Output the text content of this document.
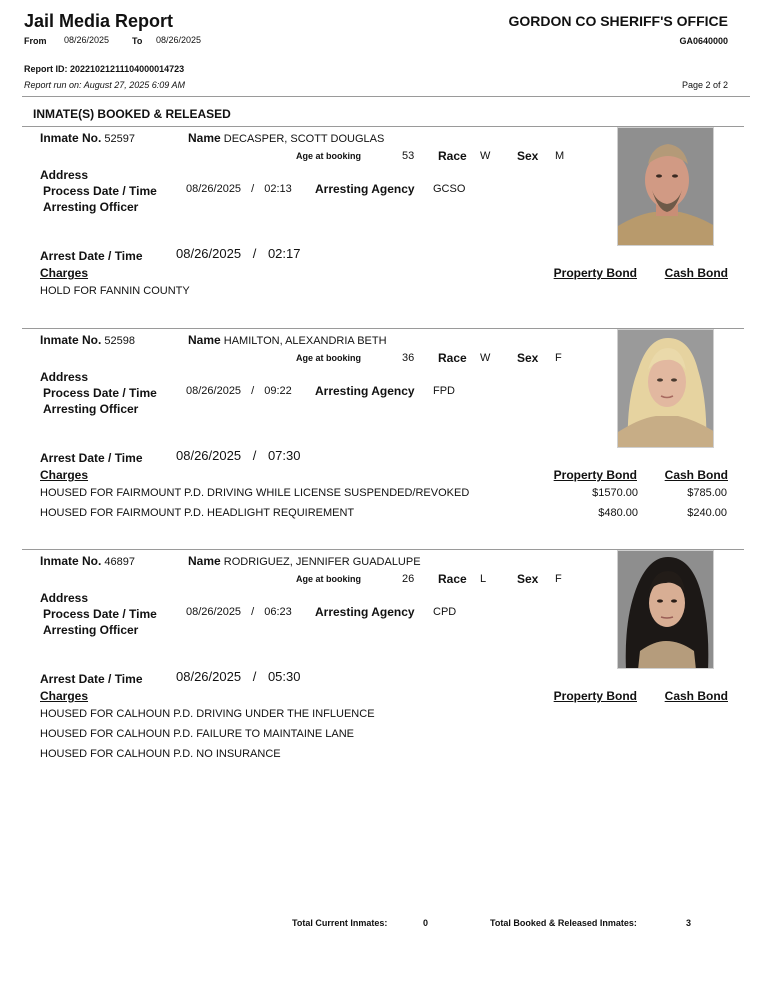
Jail Media Report
From 08/26/2025	To 08/26/2025
GORDON CO SHERIFF'S OFFICE
GA0640000
Report ID: 20221021211104000014723
Report run on: August 27, 2025 6:09 AM	Page 2 of 2
INMATE(S) BOOKED & RELEASED
Inmate No. 52597	Name DECASPER, SCOTT DOUGLAS
Age at booking	53 Race W Sex M
Address
Process Date / Time	08/26/2025 / 02:13 Arresting Agency GCSO
Arresting Officer
Arrest Date / Time	08/26/2025 / 02:17
Charges	Property Bond Cash Bond
HOLD FOR FANNIN COUNTY
Inmate No. 52598	Name HAMILTON, ALEXANDRIA BETH
Age at booking	36 Race W Sex F
Address
Process Date / Time	08/26/2025 / 09:22 Arresting Agency FPD
Arresting Officer
Arrest Date / Time	08/26/2025 / 07:30
Charges	Property Bond Cash Bond
HOUSED FOR FAIRMOUNT P.D. DRIVING WHILE LICENSE SUSPENDED/REVOKED	$1570.00	$785.00
HOUSED FOR FAIRMOUNT P.D. HEADLIGHT REQUIREMENT	$480.00	$240.00
Inmate No. 46897	Name RODRIGUEZ, JENNIFER GUADALUPE
Age at booking	26 Race L	Sex F
Address
Process Date / Time	08/26/2025 / 06:23 Arresting Agency CPD
Arresting Officer
Arrest Date / Time	08/26/2025 / 05:30
Charges	Property Bond Cash Bond
HOUSED FOR CALHOUN P.D. DRIVING UNDER THE INFLUENCE
HOUSED FOR CALHOUN P.D. FAILURE TO MAINTAINE LANE
HOUSED FOR CALHOUN P.D. NO INSURANCE
Total Current Inmates:	0	Total Booked & Released Inmates:	3
